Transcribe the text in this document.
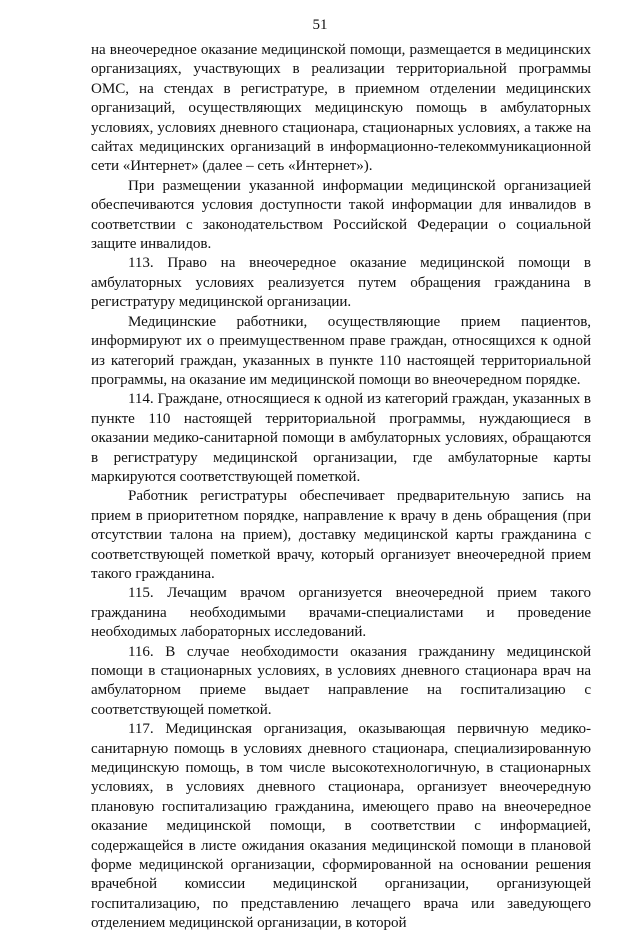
51

на внеочередное оказание медицинской помощи, размещается в медицинских организациях, участвующих в реализации территориальной программы ОМС, на стендах в регистратуре, в приемном отделении медицинских организаций, осуществляющих медицинскую помощь в амбулаторных условиях, условиях дневного стационара, стационарных условиях, а также на сайтах медицинских организаций в информационно-телекоммуникационной сети «Интернет» (далее – сеть «Интернет»).

При размещении указанной информации медицинской организацией обеспечиваются условия доступности такой информации для инвалидов в соответствии с законодательством Российской Федерации о социальной защите инвалидов.

113. Право на внеочередное оказание медицинской помощи в амбулаторных условиях реализуется путем обращения гражданина в регистратуру медицинской организации.

Медицинские работники, осуществляющие прием пациентов, информируют их о преимущественном праве граждан, относящихся к одной из категорий граждан, указанных в пункте 110 настоящей территориальной программы, на оказание им медицинской помощи во внеочередном порядке.

114. Граждане, относящиеся к одной из категорий граждан, указанных в пункте 110 настоящей территориальной программы, нуждающиеся в оказании медико-санитарной помощи в амбулаторных условиях, обращаются в регистратуру медицинской организации, где амбулаторные карты маркируются соответствующей пометкой.

Работник регистратуры обеспечивает предварительную запись на прием в приоритетном порядке, направление к врачу в день обращения (при отсутствии талона на прием), доставку медицинской карты гражданина с соответствующей пометкой врачу, который организует внеочередной прием такого гражданина.

115. Лечащим врачом организуется внеочередной прием такого гражданина необходимыми врачами-специалистами и проведение необходимых лабораторных исследований.

116. В случае необходимости оказания гражданину медицинской помощи в стационарных условиях, в условиях дневного стационара врач на амбулаторном приеме выдает направление на госпитализацию с соответствующей пометкой.

117. Медицинская организация, оказывающая первичную медико-санитарную помощь в условиях дневного стационара, специализированную медицинскую помощь, в том числе высокотехнологичную, в стационарных условиях, в условиях дневного стационара, организует внеочередную плановую госпитализацию гражданина, имеющего право на внеочередное оказание медицинской помощи, в соответствии с информацией, содержащейся в листе ожидания оказания медицинской помощи в плановой форме медицинской организации, сформированной на основании решения врачебной комиссии медицинской организации, организующей госпитализацию, по представлению лечащего врача или заведующего отделением медицинской организации, в которой
